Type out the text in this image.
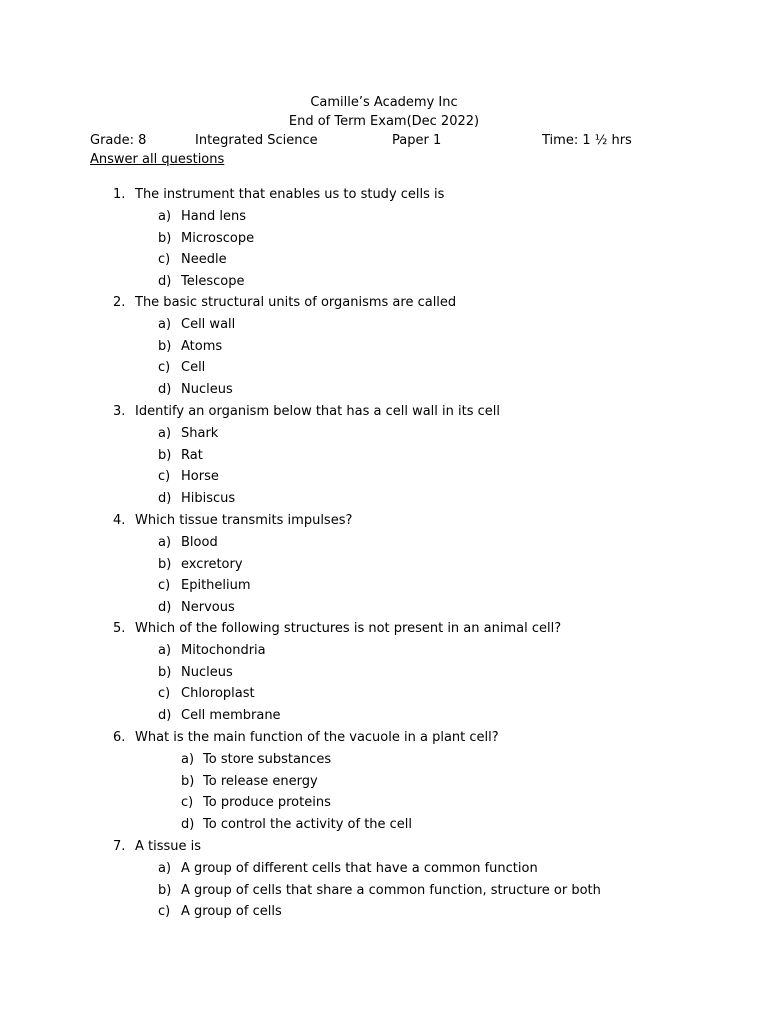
Camille’s Academy Inc
End of Term Exam(Dec 2022)
Grade: 8	Integrated Science	Paper 1	Time: 1 ½ hrs
Answer all questions
1. The instrument that enables us to study cells is
a) Hand lens
b) Microscope
c) Needle
d) Telescope
2. The basic structural units of organisms are called
a) Cell wall
b) Atoms
c) Cell
d) Nucleus
3. Identify an organism below that has a cell wall in its cell
a) Shark
b) Rat
c) Horse
d) Hibiscus
4. Which tissue transmits impulses?
a) Blood
b) excretory
c) Epithelium
d) Nervous
5. Which of the following structures is not present in an animal cell?
a) Mitochondria
b) Nucleus
c) Chloroplast
d) Cell membrane
6. What is the main function of the vacuole in a plant cell?
a) To store substances
b) To release energy
c) To produce proteins
d) To control the activity of the cell
7. A tissue is
a) A group of different cells that have a common function
b) A group of cells that share a common function, structure or both
c) A group of cells
